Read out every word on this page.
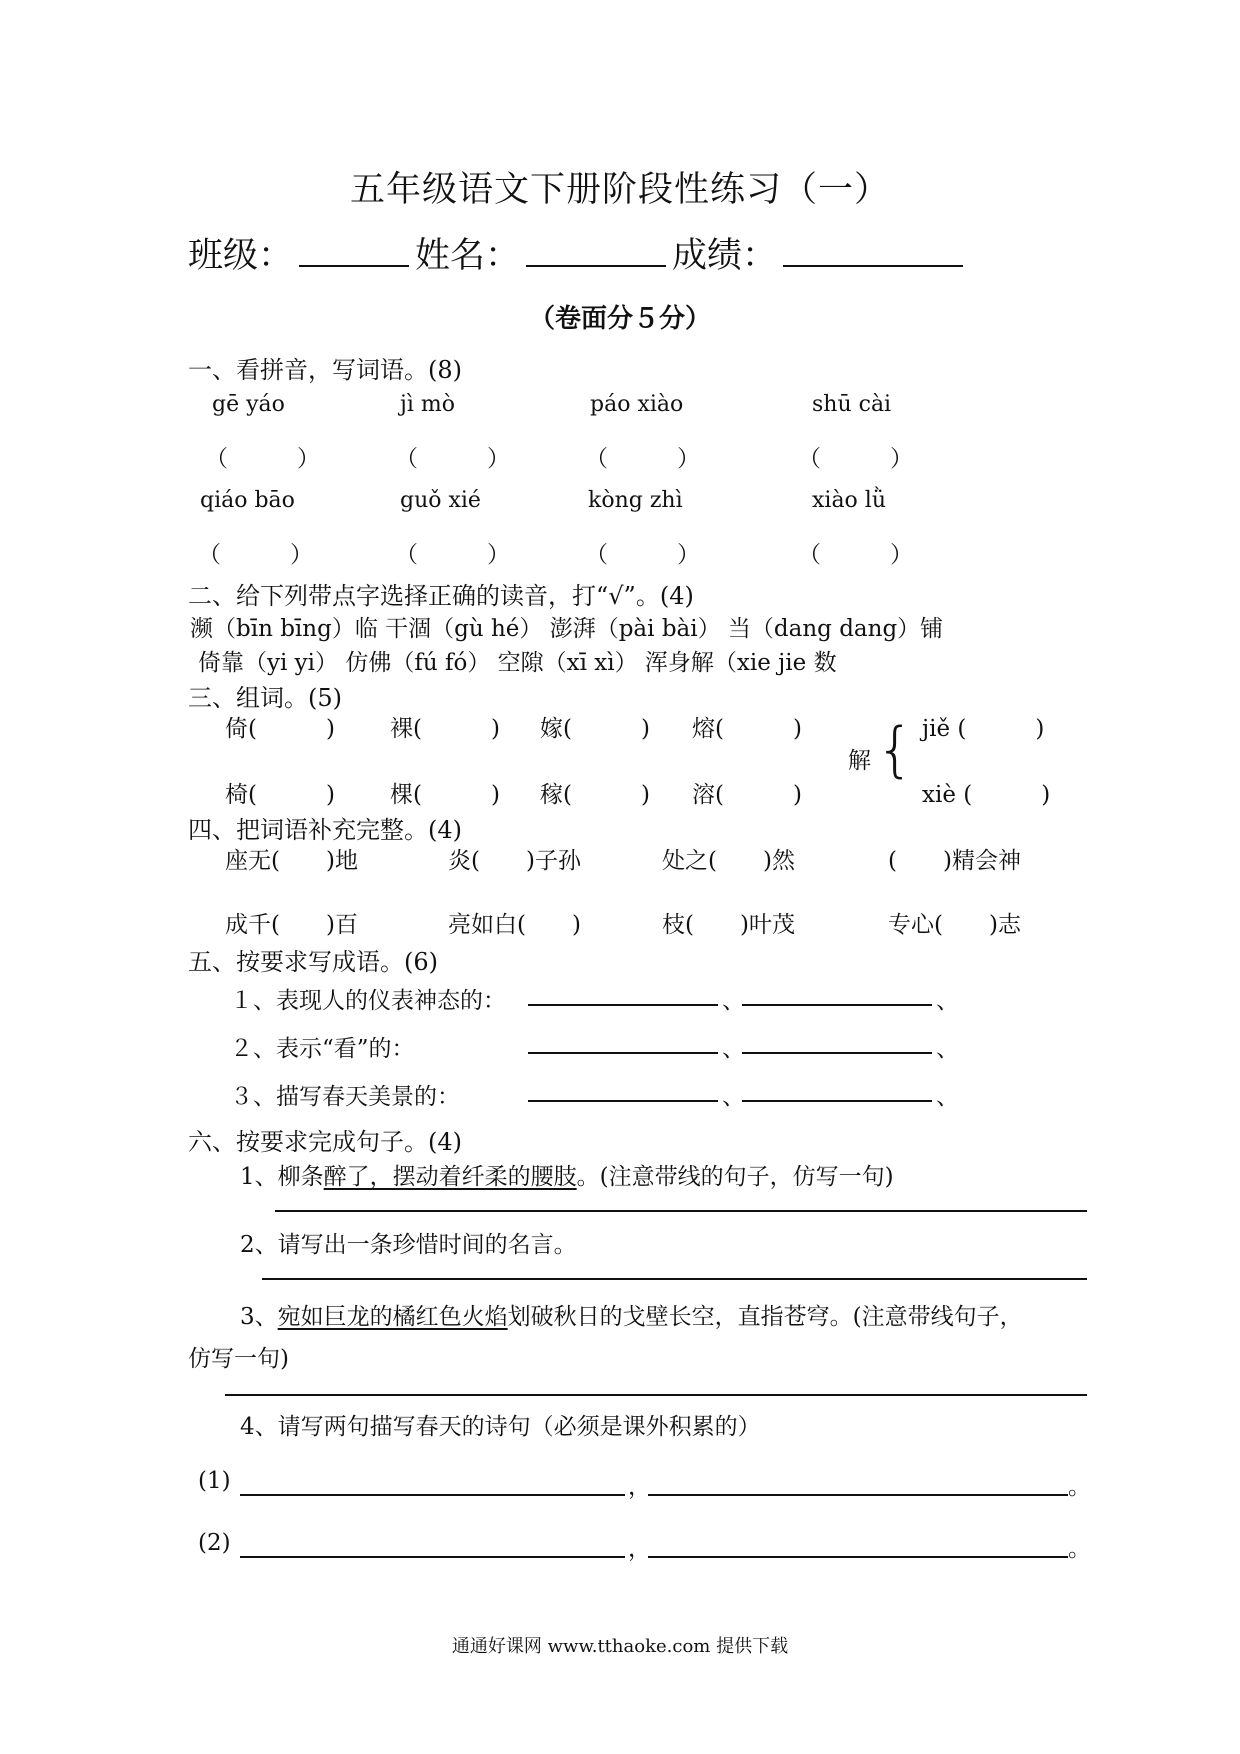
五年级语文下册阶段性练习（一）
班级：	姓名：	成绩：
（卷面分５分）
一、看拼音，写词语。(8)
gē yáo	jì mò	páo xiào	shū cài
（　　　）	（　　　）	（　　　）	（　　　）
qiáo bāo	guǒ xié	kòng zhì	xiào lǜ
（　　　）	（　　　）	（　　　）	（　　　）
二、给下列带点字选择正确的读音，打“√”。(4)
濒（bīn bīng）临 干涸（gù hé） 澎湃（pài bài） 当（dang dang）铺
倚靠（yi yi） 仿佛（fú fó） 空隙（xī xì） 浑身解（xie jie 数
三、组词。(5)
倚(　　　) 裸(　　　) 嫁(　　　) 熔(　　　)
椅(　　　) 棵(　　　) 稼(　　　) 溶(　　　)
解 { jiě (　　　)
xiè (　　　)
四、把词语补充完整。(4)
座无(　　)地	炎(　　)子孙	处之(　　)然	(　　)精会神
成千(　　)百	亮如白(　　)	枝(　　)叶茂	专心(　　)志
五、按要求写成语。(6)
１、表现人的仪表神态的：	、	、
２、表示“看”的：	、	、
３、描写春天美景的：	、	、
六、按要求完成句子。(4)
1、柳条醉了，摆动着纤柔的腰肢。(注意带线的句子，仿写一句)
2、请写出一条珍惜时间的名言。
3、宛如巨龙的橘红色火焰划破秋日的戈壁长空，直指苍穹。(注意带线句子，
仿写一句)
4、请写两句描写春天的诗句（必须是课外积累的）
(1)	，	。
(2)	，	。
通通好课网 www.tthaoke.com 提供下载
